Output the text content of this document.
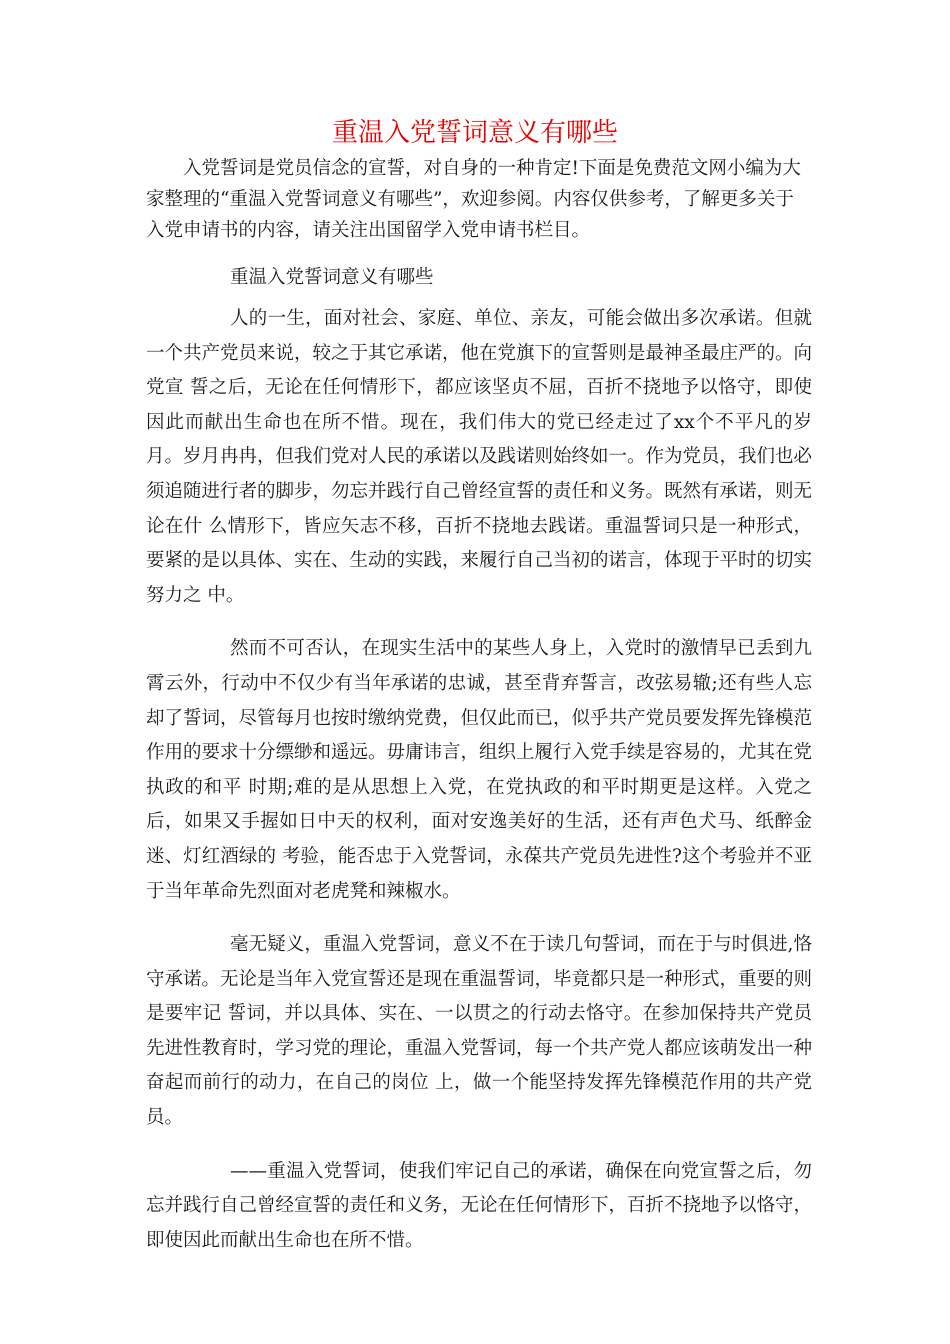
重温入党誓词意义有哪些

入党誓词是党员信念的宣誓，对自身的一种肯定!下面是免费范文网小编为大家整理的“重温入党誓词意义有哪些”，欢迎参阅。内容仅供参考，了解更多关于入党申请书的内容，请关注出国留学入党申请书栏目。

重温入党誓词意义有哪些

人的一生，面对社会、家庭、单位、亲友，可能会做出多次承诺。但就一个共产党员来说，较之于其它承诺，他在党旗下的宣誓则是最神圣最庄严的。向党宣 誓之后，无论在任何情形下，都应该坚贞不屈，百折不挠地予以恪守，即使因此而献出生命也在所不惜。现在，我们伟大的党已经走过了xx个不平凡的岁月。岁月冉冉，但我们党对人民的承诺以及践诺则始终如一。作为党员，我们也必须追随进行者的脚步，勿忘并践行自己曾经宣誓的责任和义务。既然有承诺，则无论在什 么情形下，皆应矢志不移，百折不挠地去践诺。重温誓词只是一种形式，要紧的是以具体、实在、生动的实践，来履行自己当初的诺言，体现于平时的切实努力之 中。

然而不可否认，在现实生活中的某些人身上，入党时的激情早已丢到九霄云外，行动中不仅少有当年承诺的忠诚，甚至背弃誓言，改弦易辙;还有些人忘却了誓词，尽管每月也按时缴纳党费，但仅此而已，似乎共产党员要发挥先锋模范作用的要求十分缥缈和遥远。毋庸讳言，组织上履行入党手续是容易的，尤其在党执政的和平 时期;难的是从思想上入党，在党执政的和平时期更是这样。入党之后，如果又手握如日中天的权利，面对安逸美好的生活，还有声色犬马、纸醉金迷、灯红酒绿的 考验，能否忠于入党誓词，永葆共产党员先进性?这个考验并不亚于当年革命先烈面对老虎凳和辣椒水。

毫无疑义，重温入党誓词，意义不在于读几句誓词，而在于与时俱进,恪守承诺。无论是当年入党宣誓还是现在重温誓词，毕竟都只是一种形式，重要的则是要牢记 誓词，并以具体、实在、一以贯之的行动去恪守。在参加保持共产党员先进性教育时，学习党的理论，重温入党誓词，每一个共产党人都应该萌发出一种奋起而前行的动力，在自己的岗位 上，做一个能坚持发挥先锋模范作用的共产党员。

——重温入党誓词，使我们牢记自己的承诺，确保在向党宣誓之后，勿忘并践行自己曾经宣誓的责任和义务，无论在任何情形下，百折不挠地予以恪守，即使因此而献出生命也在所不惜。
